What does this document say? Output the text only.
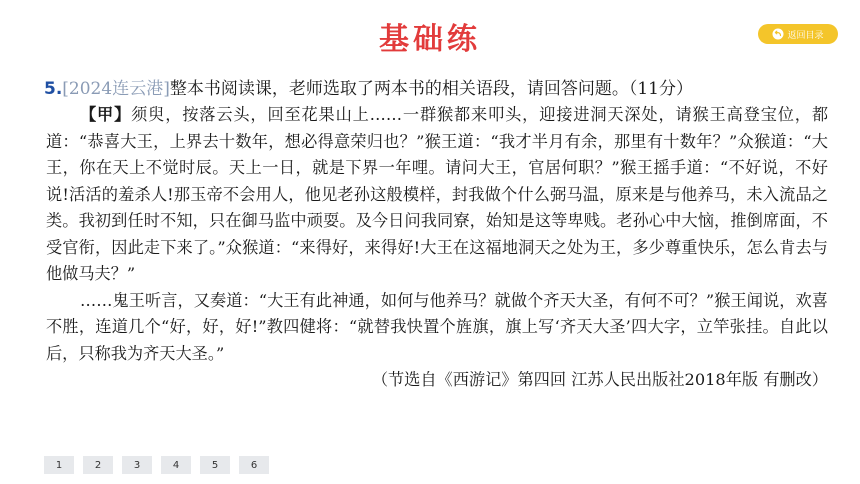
基础练	返回目录
5.[2024连云港]整本书阅读课，老师选取了两本书的相关语段，请回答问题。（11分）

【甲】须臾，按落云头，回至花果山上……一群猴都来叩头，迎接进洞天深处，请猴王高登宝位，都道：“恭喜大王，上界去十数年，想必得意荣归也？”猴王道：“我才半月有余，那里有十数年？”众猴道：“大王，你在天上不觉时辰。天上一日，就是下界一年哩。请问大王，官居何职？”猴王摇手道：“不好说，不好说!活活的羞杀人!那玉帝不会用人，他见老孙这般模样，封我做个什么弼马温，原来是与他养马，未入流品之类。我初到任时不知，只在御马监中顽耍。及今日问我同寮，始知是这等卑贱。老孙心中大恼，推倒席面，不受官衔，因此走下来了。”众猴道：“来得好，来得好!大王在这福地洞天之处为王，多少尊重快乐，怎么肯去与他做马夫？”

……鬼王听言，又奏道：“大王有此神通，如何与他养马？就做个齐天大圣，有何不可？”猴王闻说，欢喜不胜，连道几个“好，好，好!”教四健将：“就替我快置个旌旗，旗上写‘齐天大圣’四大字，立竿张挂。自此以后，只称我为齐天大圣。”

（节选自《西游记》第四回 江苏人民出版社2018年版 有删改）
1	2	3	4	5	6
